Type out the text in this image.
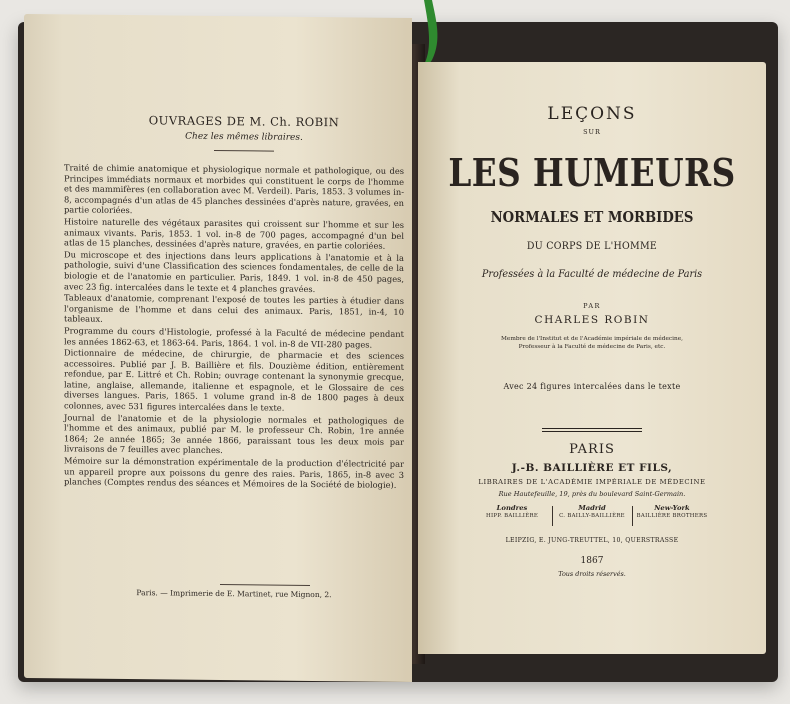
OUVRAGES DE M. Ch. ROBIN

Chez les mêmes libraires.

Traité de chimie anatomique et physiologique normale et pathologique, ou des Principes immédiats normaux et morbides qui constituent le corps de l'homme et des mammifères (en collaboration avec M. Verdeil). Paris, 1853. 3 volumes in-8, accompagnés d'un atlas de 45 planches dessinées d'après nature, gravées, en partie coloriées.
Histoire naturelle des végétaux parasites qui croissent sur l'homme et sur les animaux vivants. Paris, 1853. 1 vol. in-8 de 700 pages, accompagné d'un bel atlas de 15 planches, dessinées d'après nature, gravées, en partie coloriées.
Du microscope et des injections dans leurs applications à l'anatomie et à la pathologie, suivi d'une Classification des sciences fondamentales, de celle de la biologie et de l'anatomie en particulier. Paris, 1849. 1 vol. in-8 de 450 pages, avec 23 fig. intercalées dans le texte et 4 planches gravées.
Tableaux d'anatomie, comprenant l'exposé de toutes les parties à étudier dans l'organisme de l'homme et dans celui des animaux. Paris, 1851, in-4, 10 tableaux.
Programme du cours d'Histologie, professé à la Faculté de médecine pendant les années 1862-63, et 1863-64. Paris, 1864. 1 vol. in-8 de VII-280 pages.
Dictionnaire de médecine, de chirurgie, de pharmacie et des sciences accessoires. Publié par J. B. Baillière et fils. Douzième édition, entièrement refondue, par E. Littré et Ch. Robin; ouvrage contenant la synonymie grecque, latine, anglaise, allemande, italienne et espagnole, et le Glossaire de ces diverses langues. Paris, 1865. 1 volume grand in-8 de 1800 pages à deux colonnes, avec 531 figures intercalées dans le texte.
Journal de l'anatomie et de la physiologie normales et pathologiques de l'homme et des animaux, publié par M. le professeur Ch. Robin, 1re année 1864; 2e année 1865; 3e année 1866, paraissant tous les deux mois par livraisons de 7 feuilles avec planches.
Mémoire sur la démonstration expérimentale de la production d'électricité par un appareil propre aux poissons du genre des raies. Paris, 1865, in-8 avec 3 planches (Comptes rendus des séances et Mémoires de la Société de biologie).

Paris. — Imprimerie de E. Martinet, rue Mignon, 2.

LEÇONS

SUR

LES HUMEURS

NORMALES ET MORBIDES

DU CORPS DE L'HOMME

Professées à la Faculté de médecine de Paris

PAR

CHARLES ROBIN

Membre de l'Institut et de l'Académie impériale de médecine,

Professeur à la Faculté de médecine de Paris, etc.

Avec 24 figures intercalées dans le texte

PARIS

J.-B. BAILLIÈRE ET FILS,

LIBRAIRES DE L'ACADÉMIE IMPÉRIALE DE MÉDECINE

Rue Hautefeuille, 19, près du boulevard Saint-Germain.

Londres
HIPP. BAILLIÈRE
Madrid
C. BAILLY-BAILLIÈRE
New-York
BAILLIÈRE BROTHERS

LEIPZIG, E. JUNG-TREUTTEL, 10, QUERSTRASSE

1867

Tous droits réservés.
